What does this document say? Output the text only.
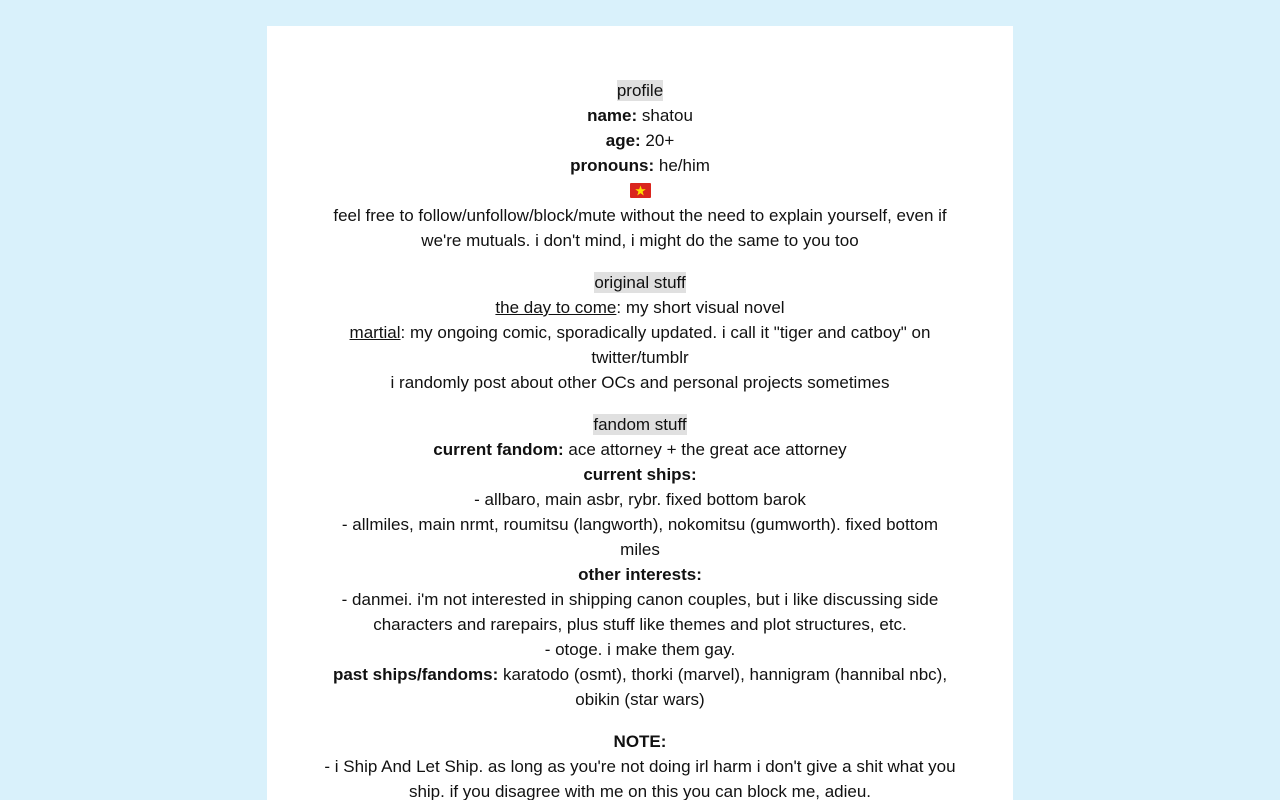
profile
name: shatou
age: 20+
pronouns: he/him
feel free to follow/unfollow/block/mute without the need to explain yourself, even if we're mutuals. i don't mind, i might do the same to you too
original stuff
the day to come: my short visual novel
martial: my ongoing comic, sporadically updated. i call it "tiger and catboy" on twitter/tumblr
i randomly post about other OCs and personal projects sometimes
fandom stuff
current fandom: ace attorney + the great ace attorney
current ships:
- allbaro, main asbr, rybr. fixed bottom barok
- allmiles, main nrmt, roumitsu (langworth), nokomitsu (gumworth). fixed bottom miles
other interests:
- danmei. i'm not interested in shipping canon couples, but i like discussing side characters and rarepairs, plus stuff like themes and plot structures, etc.
- otoge. i make them gay.
past ships/fandoms: karatodo (osmt), thorki (marvel), hannigram (hannibal nbc), obikin (star wars)
NOTE:
- i Ship And Let Ship. as long as you're not doing irl harm i don't give a shit what you ship. if you disagree with me on this you can block me, adieu.
